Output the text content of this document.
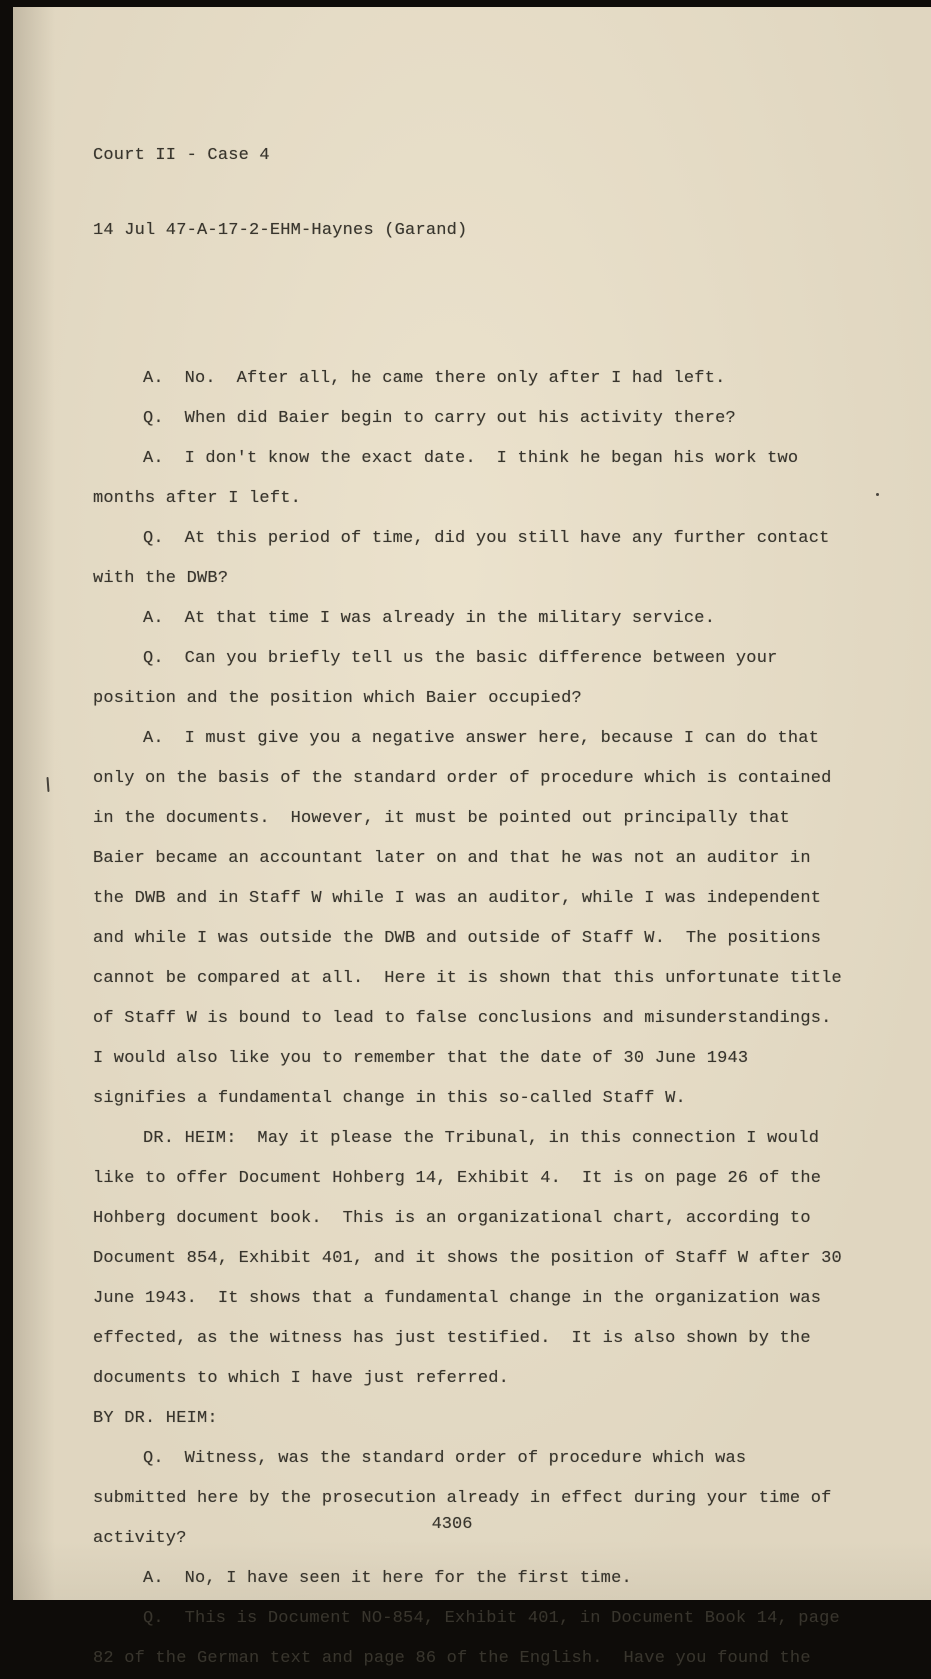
Court II - Case 4

14 Jul 47-A-17-2-EHM-Haynes (Garand)

A.  No.  After all, he came there only after I had left.

Q.  When did Baier begin to carry out his activity there?

A.  I don't know the exact date.  I think he began his work two months after I left.

Q.  At this period of time, did you still have any further contact with the DWB?

A.  At that time I was already in the military service.

Q.  Can you briefly tell us the basic difference between your position and the position which Baier occupied?

A.  I must give you a negative answer here, because I can do that only on the basis of the standard order of procedure which is contained in the documents.  However, it must be pointed out principally that Baier became an accountant later on and that he was not an auditor in the DWB and in Staff W while I was an auditor, while I was independent and while I was outside the DWB and outside of Staff W.  The positions cannot be compared at all.  Here it is shown that this unfortunate title of Staff W is bound to lead to false conclusions and misunderstandings.  I would also like you to remember that the date of 30 June 1943 signifies a fundamental change in this so-called Staff W.

DR. HEIM:  May it please the Tribunal, in this connection I would like to offer Document Hohberg 14, Exhibit 4.  It is on page 26 of the Hohberg document book.  This is an organizational chart, according to Document 854, Exhibit 401, and it shows the position of Staff W after 30 June 1943.  It shows that a fundamental change in the organization was effected, as the witness has just testified.  It is also shown by the documents to which I have just referred.

BY DR. HEIM:

Q.  Witness, was the standard order of procedure which was submitted here by the prosecution already in effect during your time of activity?

A.  No, I have seen it here for the first time.

Q.  This is Document NO-854, Exhibit 401, in Document Book 14, page 82 of the German text and page 86 of the English.  Have you found the

4306
